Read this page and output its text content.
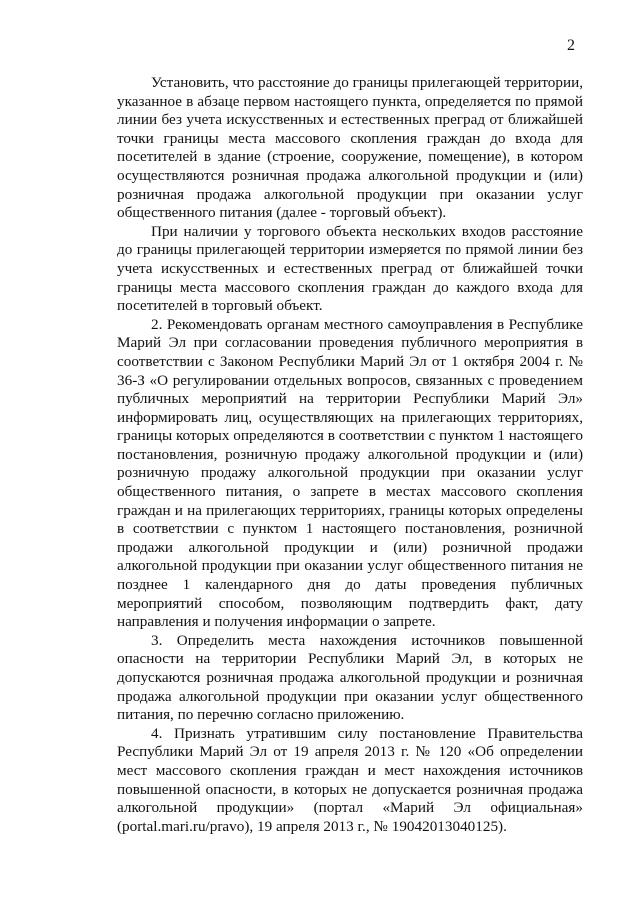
2

Установить, что расстояние до границы прилегающей территории, указанное в абзаце первом настоящего пункта, определяется по прямой линии без учета искусственных и естественных преград от ближайшей точки границы места массового скопления граждан до входа для посетителей в здание (строение, сооружение, помещение), в котором осуществляются розничная продажа алкогольной продукции и (или) розничная продажа алкогольной продукции при оказании услуг общественного питания (далее - торговый объект).

При наличии у торгового объекта нескольких входов расстояние до границы прилегающей территории измеряется по прямой линии без учета искусственных и естественных преград от ближайшей точки границы места массового скопления граждан до каждого входа для посетителей в торговый объект.

2. Рекомендовать органам местного самоуправления в Республике Марий Эл при согласовании проведения публичного мероприятия в соответствии с Законом Республики Марий Эл от 1 октября 2004 г. № 36-З «О регулировании отдельных вопросов, связанных с проведением публичных мероприятий на территории Республики Марий Эл» информировать лиц, осуществляющих на прилегающих территориях, границы которых определяются в соответствии с пунктом 1 настоящего постановления, розничную продажу алкогольной продукции и (или) розничную продажу алкогольной продукции при оказании услуг общественного питания, о запрете в местах массового скопления граждан и на прилегающих территориях, границы которых определены в соответствии с пунктом 1 настоящего постановления, розничной продажи алкогольной продукции и (или) розничной продажи алкогольной продукции при оказании услуг общественного питания не позднее 1 календарного дня до даты проведения публичных мероприятий способом, позволяющим подтвердить факт, дату направления и получения информации о запрете.

3. Определить места нахождения источников повышенной опасности на территории Республики Марий Эл, в которых не допускаются розничная продажа алкогольной продукции и розничная продажа алкогольной продукции при оказании услуг общественного питания, по перечню согласно приложению.

4. Признать утратившим силу постановление Правительства Республики Марий Эл от 19 апреля 2013 г. № 120 «Об определении мест массового скопления граждан и мест нахождения источников повышенной опасности, в которых не допускается розничная продажа алкогольной продукции» (портал «Марий Эл официальная» (portal.mari.ru/pravo), 19 апреля 2013 г., № 19042013040125).
